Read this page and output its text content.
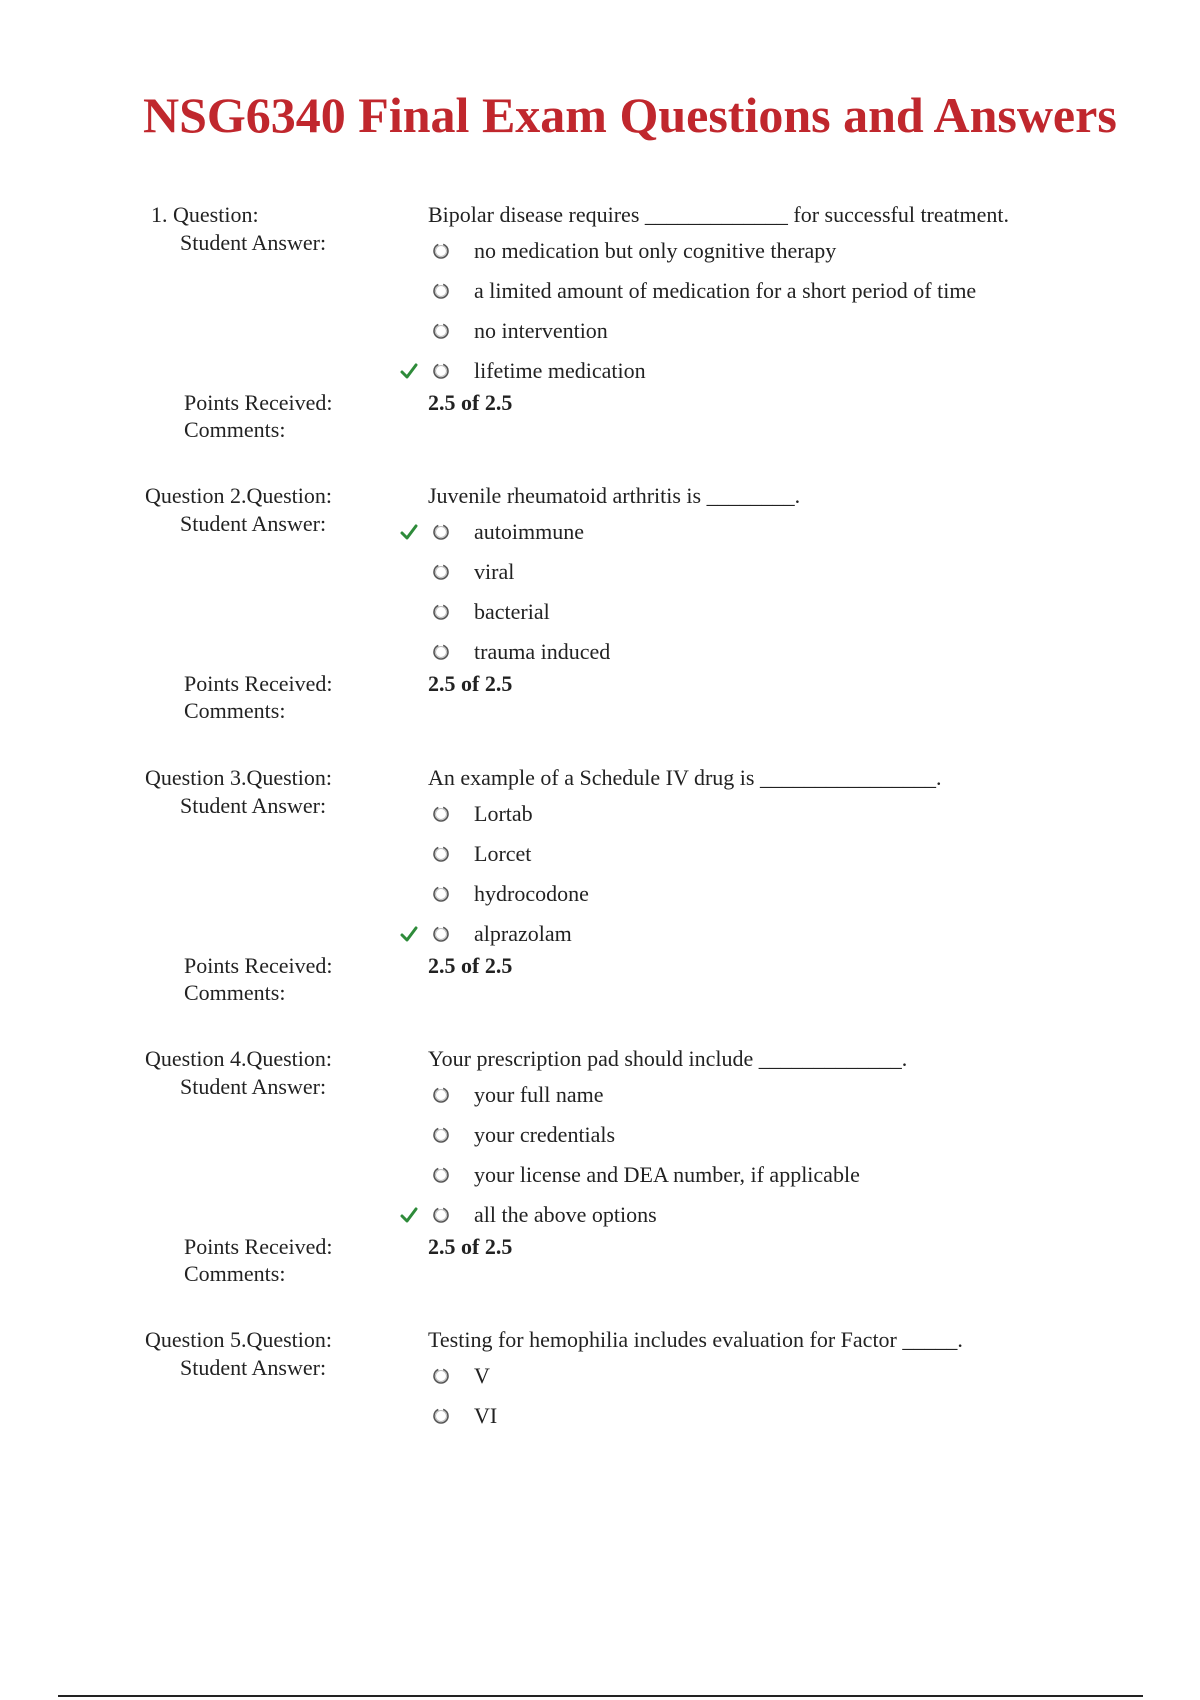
NSG6340 Final Exam Questions and Answers
1. Question:
Student Answer:
Bipolar disease requires _____________ for successful treatment.
no medication but only cognitive therapy
a limited amount of medication for a short period of time
no intervention
lifetime medication
Points Received:	2.5 of 2.5
Comments:
Question 2.Question:
Student Answer:
Juvenile rheumatoid arthritis is ________.
autoimmune
viral
bacterial
trauma induced
Points Received:	2.5 of 2.5
Comments:
Question 3.Question:
Student Answer:
An example of a Schedule IV drug is ________________.
Lortab
Lorcet
hydrocodone
alprazolam
Points Received:	2.5 of 2.5
Comments:
Question 4.Question:
Student Answer:
Your prescription pad should include _____________.
your full name
your credentials
your license and DEA number, if applicable
all the above options
Points Received:	2.5 of 2.5
Comments:
Question 5.Question:
Student Answer:
Testing for hemophilia includes evaluation for Factor _____.
V
VI
